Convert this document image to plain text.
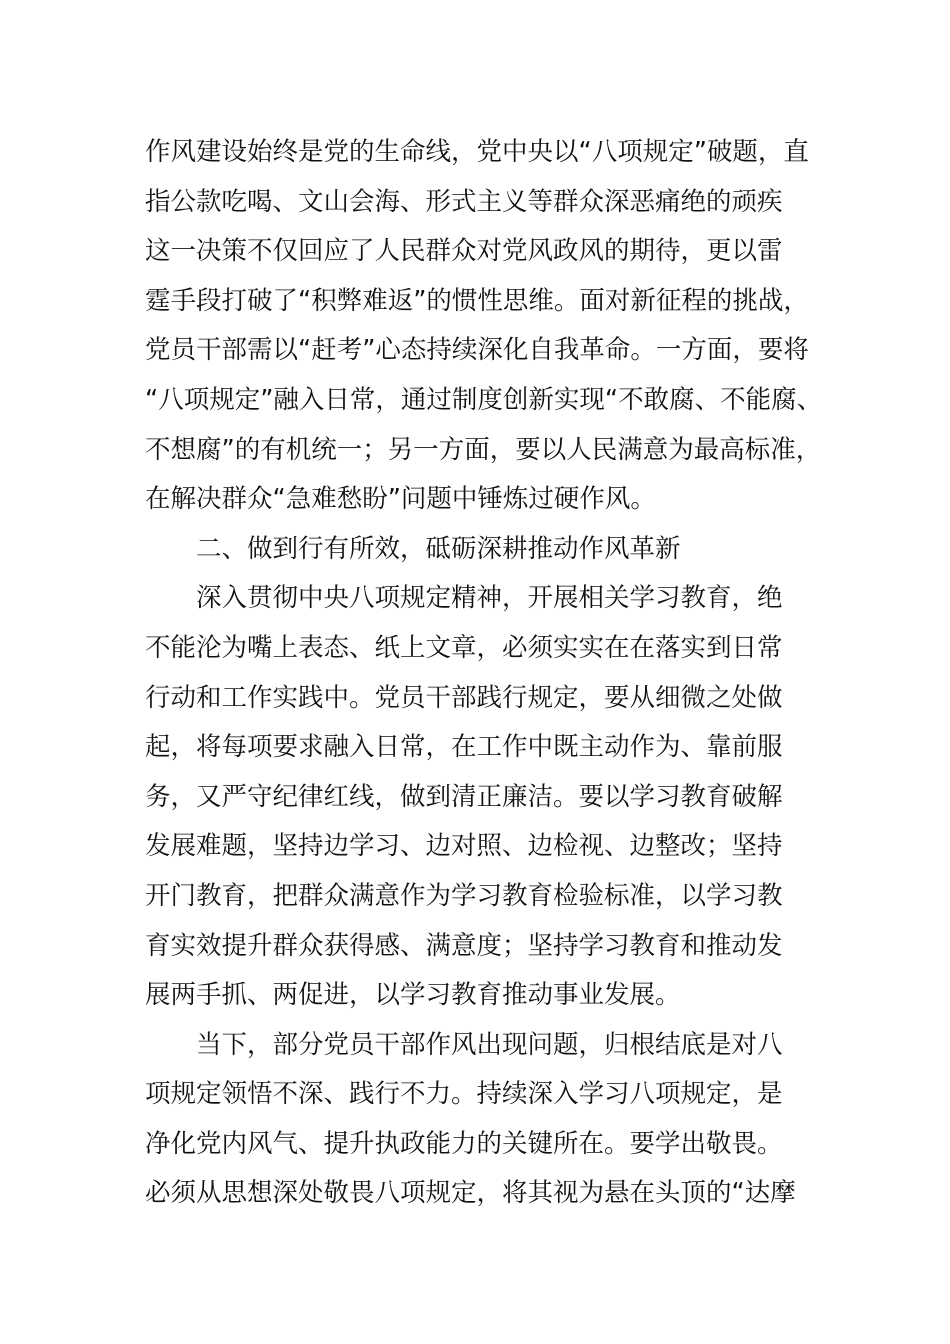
作风建设始终是党的生命线，党中央以“八项规定”破题，直
指公款吃喝、文山会海、形式主义等群众深恶痛绝的顽疾
这一决策不仅回应了人民群众对党风政风的期待，更以雷
霆手段打破了“积弊难返”的惯性思维。面对新征程的挑战，
党员干部需以“赶考”心态持续深化自我革命。一方面，要将
“八项规定”融入日常，通过制度创新实现“不敢腐、不能腐、
不想腐”的有机统一；另一方面，要以人民满意为最高标准，
在解决群众“急难愁盼”问题中锤炼过硬作风。
二、做到行有所效，砥砺深耕推动作风革新
深入贯彻中央八项规定精神，开展相关学习教育，绝
不能沦为嘴上表态、纸上文章，必须实实在在落实到日常
行动和工作实践中。党员干部践行规定，要从细微之处做
起，将每项要求融入日常，在工作中既主动作为、靠前服
务，又严守纪律红线，做到清正廉洁。要以学习教育破解
发展难题，坚持边学习、边对照、边检视、边整改；坚持
开门教育，把群众满意作为学习教育检验标准，以学习教
育实效提升群众获得感、满意度；坚持学习教育和推动发
展两手抓、两促进，以学习教育推动事业发展。
当下，部分党员干部作风出现问题，归根结底是对八
项规定领悟不深、践行不力。持续深入学习八项规定，是
净化党内风气、提升执政能力的关键所在。要学出敬畏。
必须从思想深处敬畏八项规定，将其视为悬在头顶的“达摩
